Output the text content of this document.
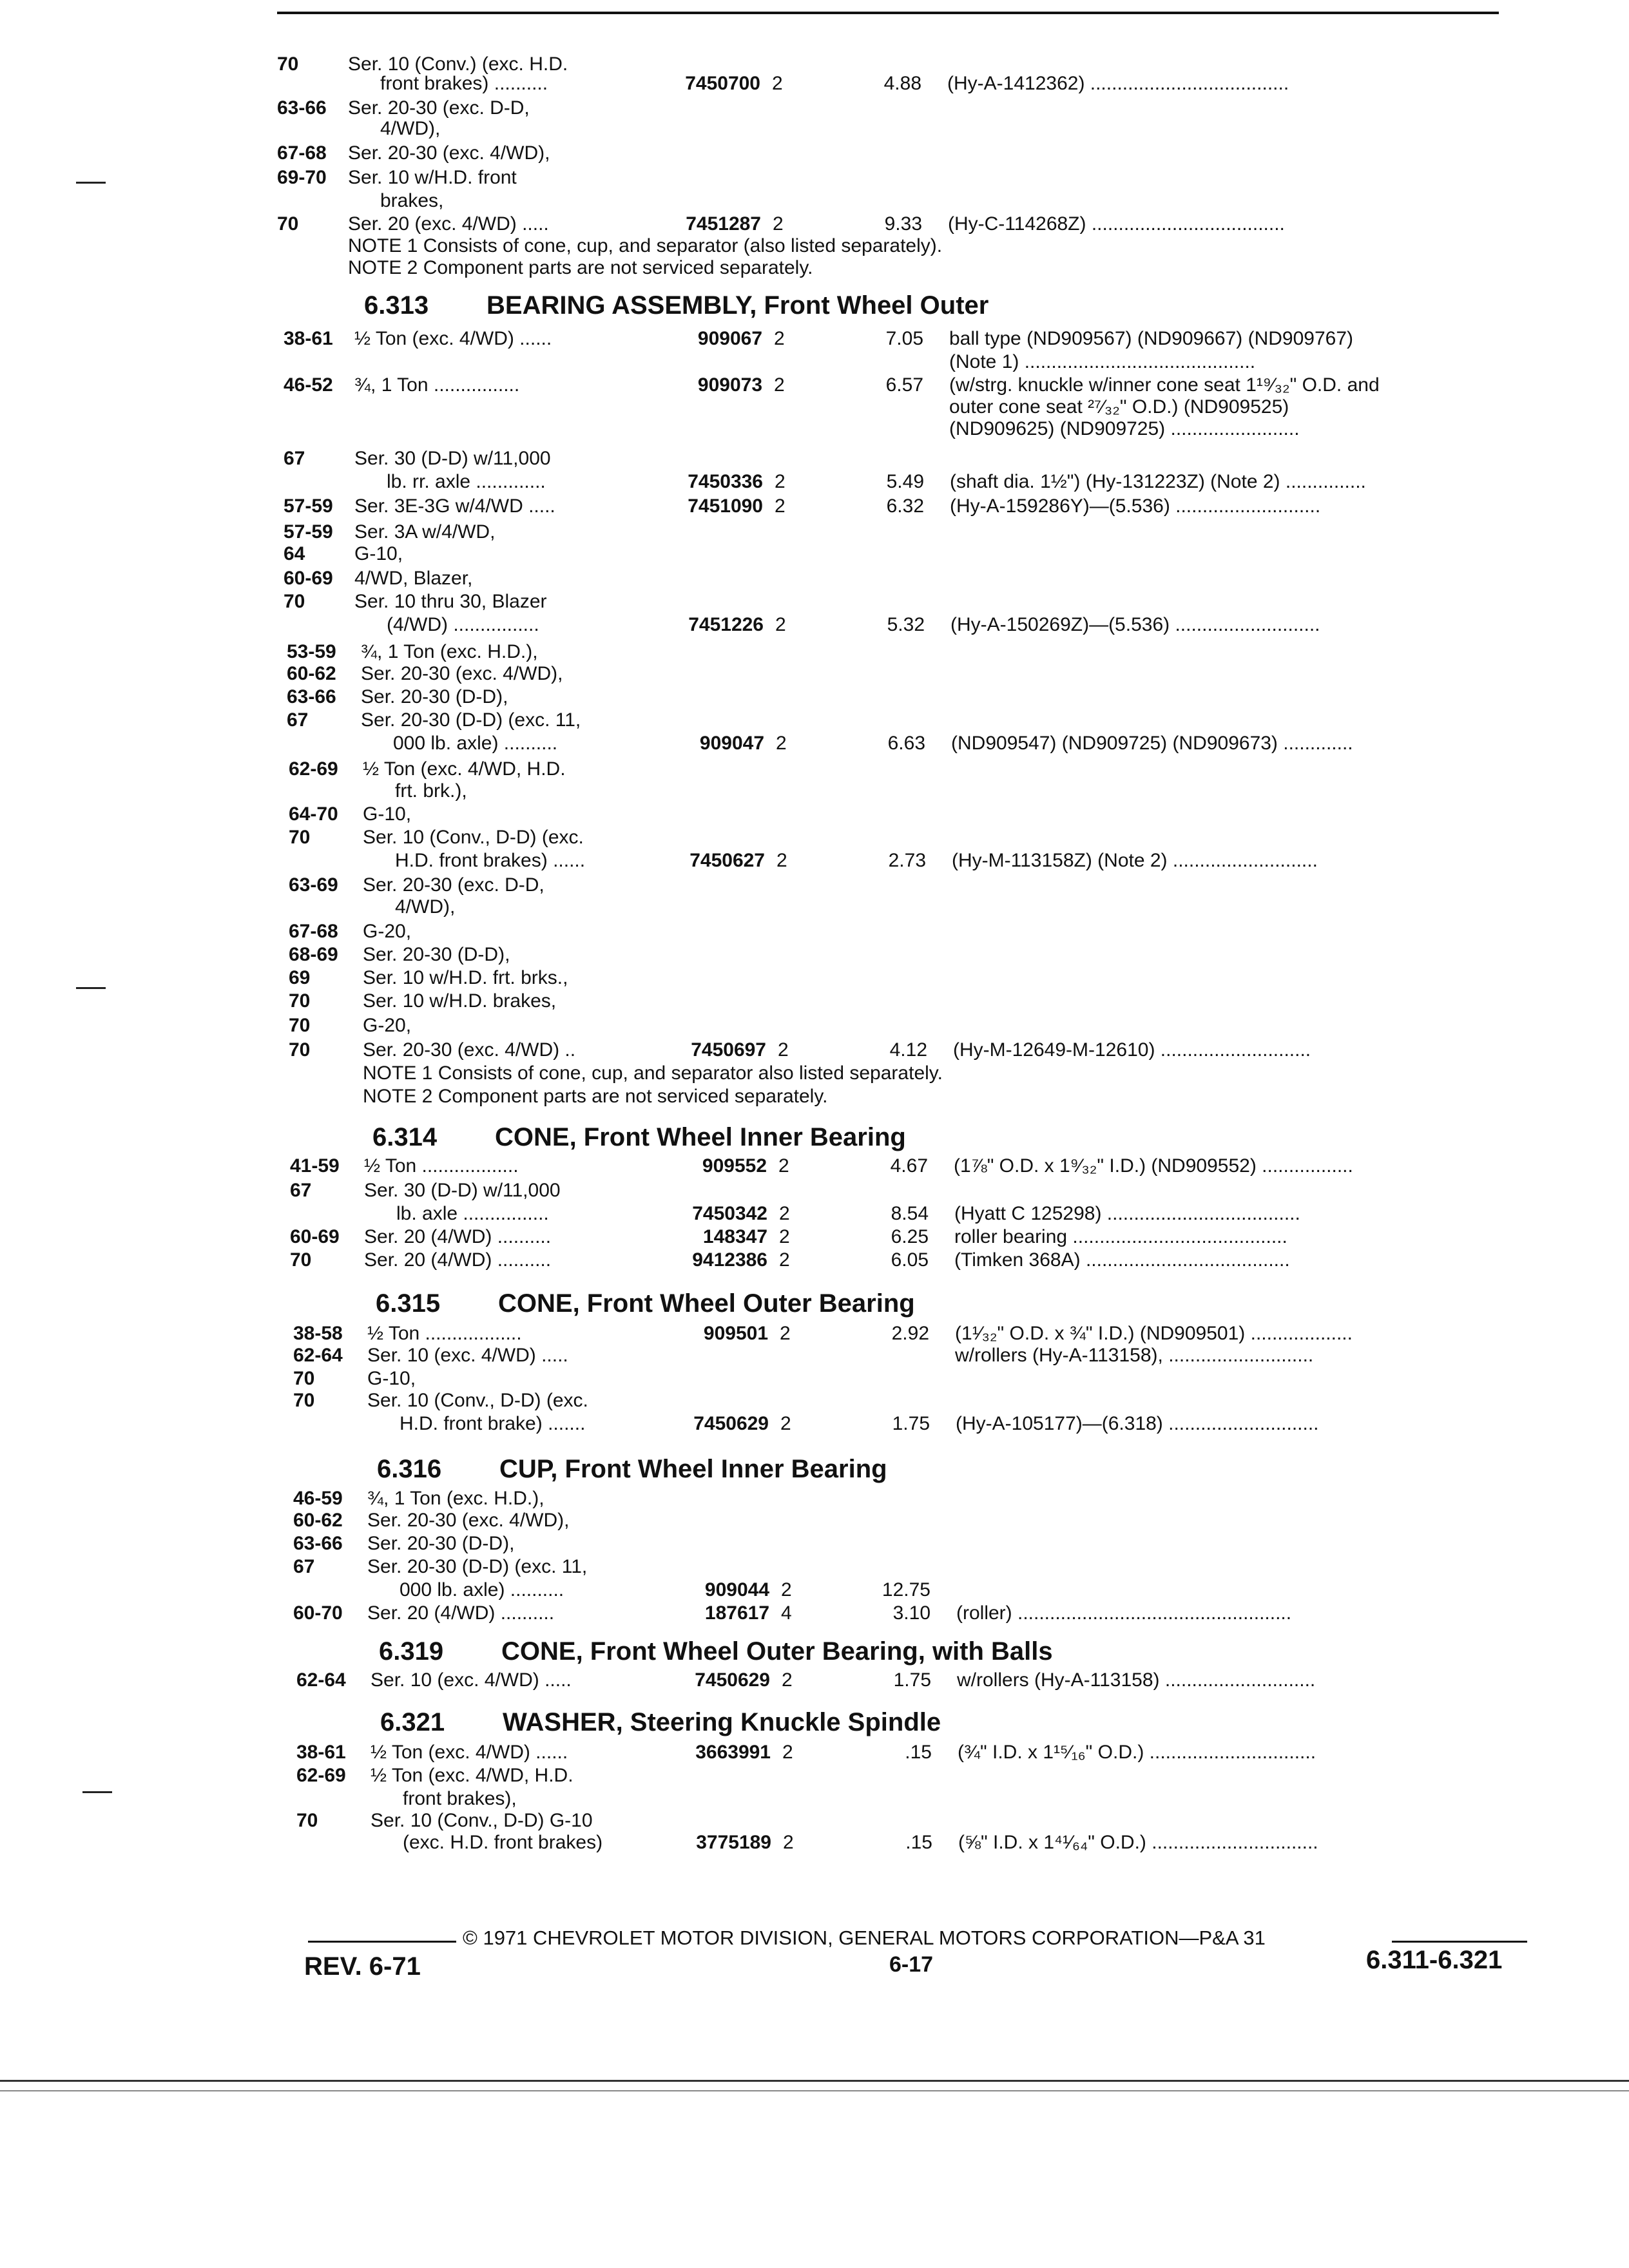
70	Ser. 10 (Conv.) (exc. H.D.
front brakes) ..........	7450700 2	4.88 (Hy-A-1412362) .....................................
63-66 Ser. 20-30 (exc. D-D,
4/WD),
67-68 Ser. 20-30 (exc. 4/WD),
69-70 Ser. 10 w/H.D. front
brakes,
70	Ser. 20 (exc. 4/WD) .....	7451287 2	9.33 (Hy-C-114268Z) ....................................
NOTE 1 Consists of cone, cup, and separator (also listed separately).
NOTE 2 Component parts are not serviced separately.
38-61 ½ Ton (exc. 4/WD) ......	909067 2	7.05 ball type (ND909567) (ND909667) (ND909767)
(Note 1) ...........................................
46-52 ¾, 1 Ton ................	909073 2	6.57 (w/strg. knuckle w/inner cone seat 1¹⁹⁄₃₂" O.D. and
outer cone seat ²⁷⁄₃₂" O.D.) (ND909525)
(ND909625) (ND909725) ........................
67	Ser. 30 (D-D) w/11,000
lb. rr. axle .............	7450336 2	5.49 (shaft dia. 1½") (Hy-131223Z) (Note 2) ...............
57-59 Ser. 3E-3G w/4/WD .....	7451090 2	6.32 (Hy-A-159286Y)—(5.536) ...........................
57-59 Ser. 3A w/4/WD,
64	G-10,
60-69 4/WD, Blazer,
70	Ser. 10 thru 30, Blazer
(4/WD) ................	7451226 2	5.32 (Hy-A-150269Z)—(5.536) ...........................
53-59 ¾, 1 Ton (exc. H.D.),
60-62 Ser. 20-30 (exc. 4/WD),
63-66 Ser. 20-30 (D-D),
67	Ser. 20-30 (D-D) (exc. 11,
000 lb. axle) ..........	909047 2	6.63 (ND909547) (ND909725) (ND909673) .............
62-69 ½ Ton (exc. 4/WD, H.D.
frt. brk.),
64-70 G-10,
70	Ser. 10 (Conv., D-D) (exc.
H.D. front brakes) ......	7450627 2	2.73 (Hy-M-113158Z) (Note 2) ...........................
63-69 Ser. 20-30 (exc. D-D,
4/WD),
67-68 G-20,
68-69 Ser. 20-30 (D-D),
69	Ser. 10 w/H.D. frt. brks.,
70	Ser. 10 w/H.D. brakes,
70	G-20,
70	Ser. 20-30 (exc. 4/WD) ..	7450697 2	4.12 (Hy-M-12649-M-12610) ............................
NOTE 1 Consists of cone, cup, and separator also listed separately.
NOTE 2 Component parts are not serviced separately.
41-59 ½ Ton ..................	909552 2	4.67 (1⅞" O.D. x 1⁹⁄₃₂" I.D.) (ND909552) .................
67	Ser. 30 (D-D) w/11,000
lb. axle ................	7450342 2	8.54 (Hyatt C 125298) ....................................
60-69 Ser. 20 (4/WD) ..........	148347 2	6.25 roller bearing ........................................
70	Ser. 20 (4/WD) ..........	9412386 2	6.05 (Timken 368A) ......................................
38-58 ½ Ton ..................	909501 2	2.92 (1¹⁄₃₂" O.D. x ¾" I.D.) (ND909501) ...................
62-64 Ser. 10 (exc. 4/WD) .....	w/rollers (Hy-A-113158), ...........................
70	G-10,
70	Ser. 10 (Conv., D-D) (exc.
H.D. front brake) .......	7450629 2	1.75 (Hy-A-105177)—(6.318) ............................
46-59 ¾, 1 Ton (exc. H.D.),
60-62 Ser. 20-30 (exc. 4/WD),
63-66 Ser. 20-30 (D-D),
67	Ser. 20-30 (D-D) (exc. 11,
000 lb. axle) ..........	909044 2	12.75
60-70 Ser. 20 (4/WD) ..........	187617 4	3.10 (roller) ...................................................
62-64 Ser. 10 (exc. 4/WD) .....	7450629 2	1.75 w/rollers (Hy-A-113158) ............................
38-61 ½ Ton (exc. 4/WD) ......	3663991 2	.15 (¾" I.D. x 1¹⁵⁄₁₆" O.D.) ...............................
62-69 ½ Ton (exc. 4/WD, H.D.
front brakes),
70	Ser. 10 (Conv., D-D) G-10
(exc. H.D. front brakes)	3775189 2	.15 (⅝" I.D. x 1⁴¹⁄₆₄" O.D.) ...............................
6.313 BEARING ASSEMBLY, Front Wheel Outer
6.314 CONE, Front Wheel Inner Bearing
6.315 CONE, Front Wheel Outer Bearing
6.316 CUP, Front Wheel Inner Bearing
6.319 CONE, Front Wheel Outer Bearing, with Balls
6.321 WASHER, Steering Knuckle Spindle
© 1971 CHEVROLET MOTOR DIVISION, GENERAL MOTORS CORPORATION—P&A 31
REV. 6-71	6-17	6.311-6.321
